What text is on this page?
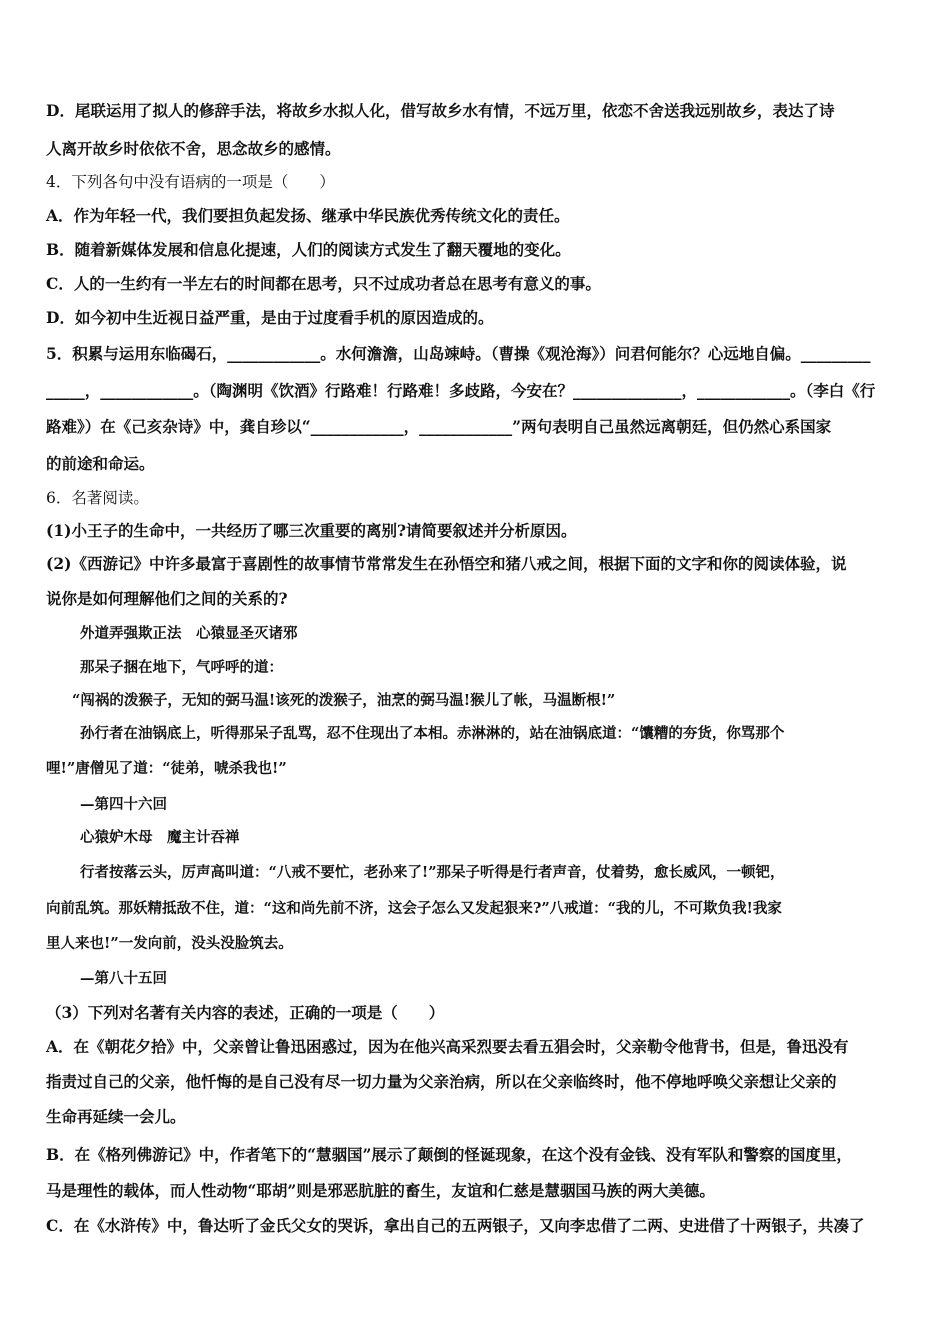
D．尾联运用了拟人的修辞手法，将故乡水拟人化，借写故乡水有情，不远万里，依恋不舍送我远别故乡，表达了诗
人离开故乡时依依不舍，思念故乡的感情。
4．下列各句中没有语病的一项是（　　）
A．作为年轻一代，我们要担负起发扬、继承中华民族优秀传统文化的责任。
B．随着新媒体发展和信息化提速，人们的阅读方式发生了翻天覆地的变化。
C．人的一生约有一半左右的时间都在思考，只不过成功者总在思考有意义的事。
D．如今初中生近视日益严重，是由于过度看手机的原因造成的。
5．积累与运用东临碣石，____________。水何澹澹，山岛竦峙。（曹操《观沧海》）问君何能尔？心远地自偏。_________
_____，____________。（陶渊明《饮酒》行路难！行路难！多歧路，今安在？______________，____________。（李白《行
路难》）在《己亥杂诗》中，龚自珍以“____________，____________”两句表明自己虽然远离朝廷，但仍然心系国家
的前途和命运。
6．名著阅读。
(1)小王子的生命中，一共经历了哪三次重要的离别?请简要叙述并分析原因。
(2)《西游记》中许多最富于喜剧性的故事情节常常发生在孙悟空和猪八戒之间，根据下面的文字和你的阅读体验，说
说你是如何理解他们之间的关系的?
外道弄强欺正法　心猿显圣灭诸邪
那呆子捆在地下，气呼呼的道：
“闯祸的泼猴子，无知的弼马温!该死的泼猴子，油烹的弼马温!猴儿了帐，马温断根!”
孙行者在油锅底上，听得那呆子乱骂，忍不住现出了本相。赤淋淋的，站在油锅底道：“馕糟的夯货，你骂那个
哩!”唐僧见了道：“徒弟，唬杀我也!”
—第四十六回
心猿妒木母　魔主计吞禅
行者按落云头，厉声高叫道：“八戒不要忙，老孙来了!”那呆子听得是行者声音，仗着势，愈长威风，一顿钯，
向前乱筑。那妖精抵敌不住，道：“这和尚先前不济，这会子怎么又发起狠来?”八戒道：“我的儿，不可欺负我!我家
里人来也!”一发向前，没头没脸筑去。
—第八十五回
（3）下列对名著有关内容的表述，正确的一项是（　　）
A．在《朝花夕拾》中，父亲曾让鲁迅困惑过，因为在他兴高采烈要去看五猖会时，父亲勒令他背书，但是，鲁迅没有
指责过自己的父亲，他忏悔的是自己没有尽一切力量为父亲治病，所以在父亲临终时，他不停地呼唤父亲想让父亲的
生命再延续一会儿。
B．在《格列佛游记》中，作者笔下的“慧骃国”展示了颠倒的怪诞现象，在这个没有金钱、没有军队和警察的国度里，
马是理性的载体，而人性动物“耶胡”则是邪恶肮脏的畜生，友谊和仁慈是慧骃国马族的两大美德。
C．在《水浒传》中，鲁达听了金氏父女的哭诉，拿出自己的五两银子，又向李忠借了二两、史进借了十两银子，共凑了
